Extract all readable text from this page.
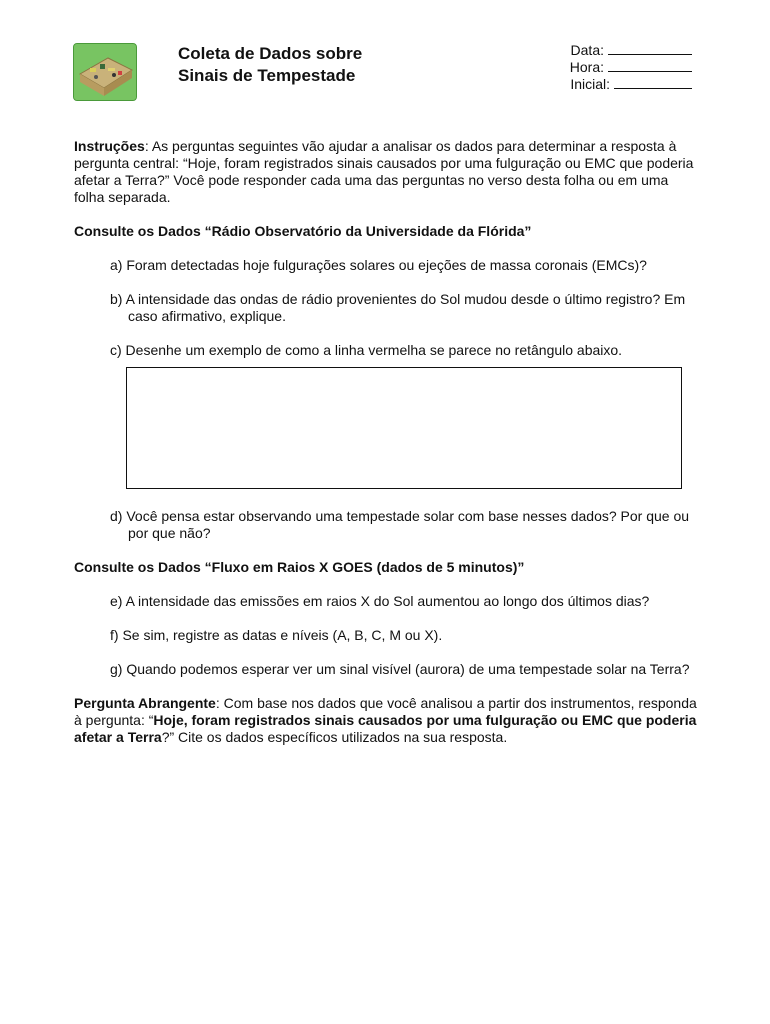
Coleta de Dados sobre
Sinais de Tempestade
Data:
Hora:
Inicial:

Instruções: As perguntas seguintes vão ajudar a analisar os dados para determinar a resposta à pergunta central: “Hoje, foram registrados sinais causados por uma fulguração ou EMC que poderia afetar a Terra?” Você pode responder cada uma das perguntas no verso desta folha ou em uma folha separada.

Consulte os Dados “Rádio Observatório da Universidade da Flórida”

a) Foram detectadas hoje fulgurações solares ou ejeções de massa coronais (EMCs)?

b) A intensidade das ondas de rádio provenientes do Sol mudou desde o último registro? Em caso afirmativo, explique.

c) Desenhe um exemplo de como a linha vermelha se parece no retângulo abaixo.

d) Você pensa estar observando uma tempestade solar com base nesses dados? Por que ou por que não?

Consulte os Dados “Fluxo em Raios X GOES (dados de 5 minutos)”

e) A intensidade das emissões em raios X do Sol aumentou ao longo dos últimos dias?

f) Se sim, registre as datas e níveis (A, B, C, M ou X).

g) Quando podemos esperar ver um sinal visível (aurora) de uma tempestade solar na Terra?

Pergunta Abrangente: Com base nos dados que você analisou a partir dos instrumentos, responda à pergunta: “Hoje, foram registrados sinais causados por uma fulguração ou EMC que poderia afetar a Terra?” Cite os dados específicos utilizados na sua resposta.
